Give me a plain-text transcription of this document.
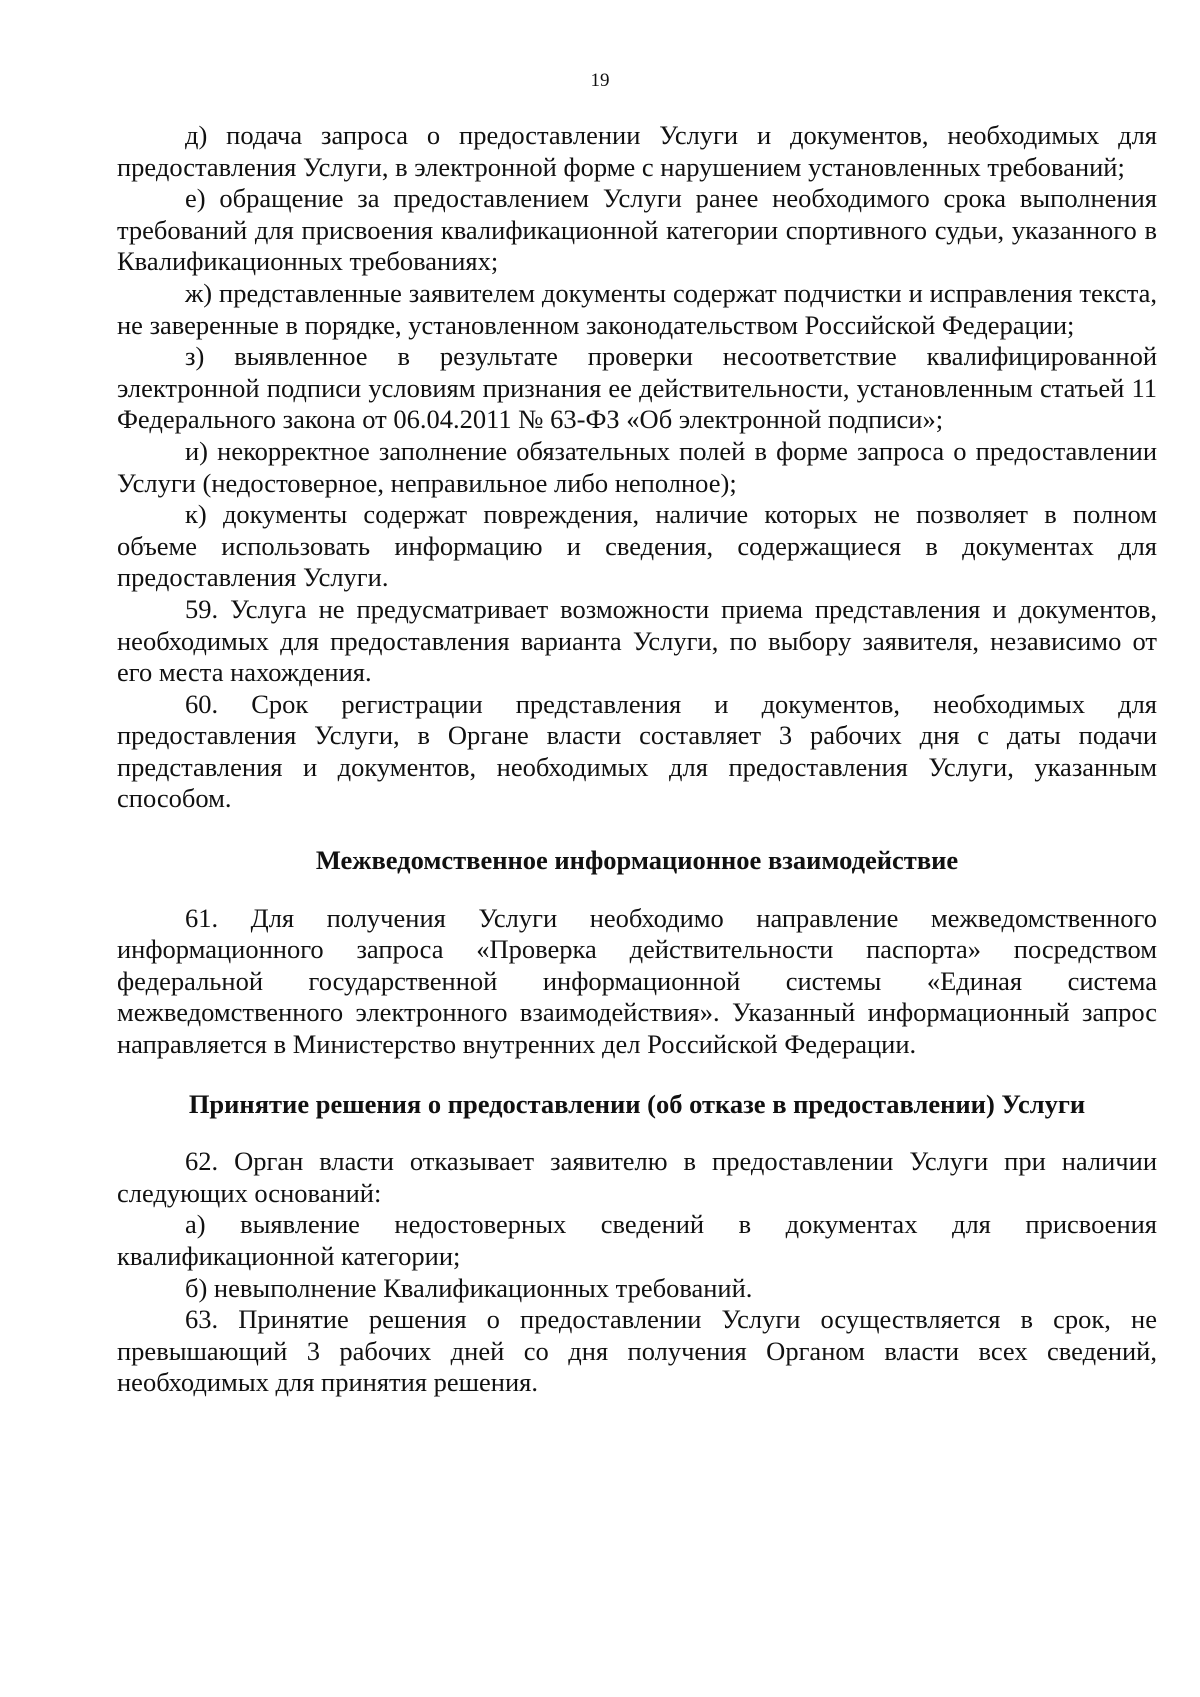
19

д) подача запроса о предоставлении Услуги и документов, необходимых для предоставления Услуги, в электронной форме с нарушением установленных требований;

е) обращение за предоставлением Услуги ранее необходимого срока выполнения требований для присвоения квалификационной категории спортивного судьи, указанного в Квалификационных требованиях;

ж) представленные заявителем документы содержат подчистки и исправления текста, не заверенные в порядке, установленном законодательством Российской Федерации;

з) выявленное в результате проверки несоответствие квалифицированной электронной подписи условиям признания ее действительности, установленным статьей 11 Федерального закона от 06.04.2011 № 63-ФЗ «Об электронной подписи»;

и) некорректное заполнение обязательных полей в форме запроса о предоставлении Услуги (недостоверное, неправильное либо неполное);

к) документы содержат повреждения, наличие которых не позволяет в полном объеме использовать информацию и сведения, содержащиеся в документах для предоставления Услуги.

59. Услуга не предусматривает возможности приема представления и документов, необходимых для предоставления варианта Услуги, по выбору заявителя, независимо от его места нахождения.

60. Срок регистрации представления и документов, необходимых для предоставления Услуги, в Органе власти составляет 3 рабочих дня с даты подачи представления и документов, необходимых для предоставления Услуги, указанным способом.

Межведомственное информационное взаимодействие

61. Для получения Услуги необходимо направление межведомственного информационного запроса «Проверка действительности паспорта» посредством федеральной государственной информационной системы «Единая система межведомственного электронного взаимодействия». Указанный информационный запрос направляется в Министерство внутренних дел Российской Федерации.

Принятие решения о предоставлении (об отказе в предоставлении) Услуги

62. Орган власти отказывает заявителю в предоставлении Услуги при наличии следующих оснований:

а) выявление недостоверных сведений в документах для присвоения квалификационной категории;

б) невыполнение Квалификационных требований.

63. Принятие решения о предоставлении Услуги осуществляется в срок, не превышающий 3 рабочих дней со дня получения Органом власти всех сведений, необходимых для принятия решения.
